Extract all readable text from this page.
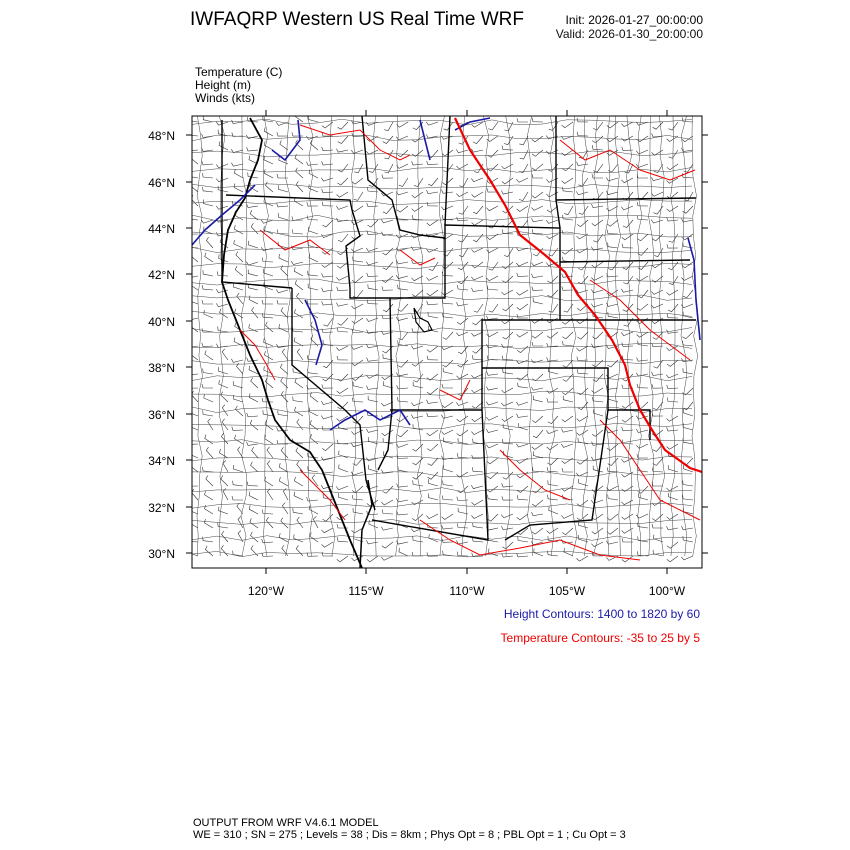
IWFAQRP Western US Real Time WRF	Init: 2026-01-27_00:00:00
Valid: 2026-01-30_20:00:00
Temperature (C)
Height (m)
Winds (kts)
48°N
46°N
44°N
42°N
40°N
38°N
36°N
34°N
32°N
30°N
120°W	115°W	110°W	105°W	100°W
Height Contours: 1400 to 1820 by 60
Temperature Contours: -35 to 25 by 5
OUTPUT FROM WRF V4.6.1 MODEL
WE = 310 ; SN = 275 ; Levels = 38 ; Dis = 8km ; Phys Opt = 8 ; PBL Opt = 1 ; Cu Opt = 3
